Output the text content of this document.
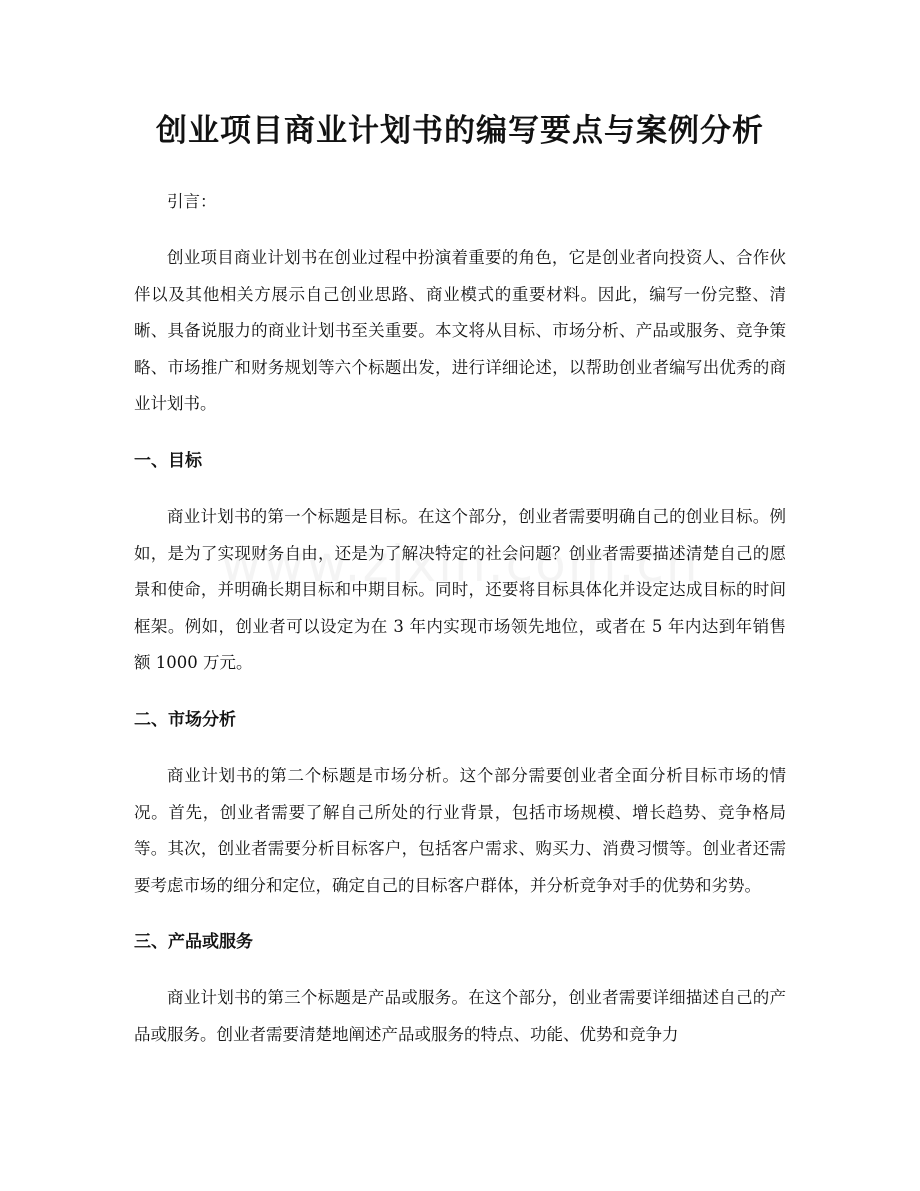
创业项目商业计划书的编写要点与案例分析

引言：

创业项目商业计划书在创业过程中扮演着重要的角色，它是创业者向投资人、合作伙伴以及其他相关方展示自己创业思路、商业模式的重要材料。因此，编写一份完整、清晰、具备说服力的商业计划书至关重要。本文将从目标、市场分析、产品或服务、竞争策略、市场推广和财务规划等六个标题出发，进行详细论述，以帮助创业者编写出优秀的商业计划书。

一、目标

商业计划书的第一个标题是目标。在这个部分，创业者需要明确自己的创业目标。例如，是为了实现财务自由，还是为了解决特定的社会问题？创业者需要描述清楚自己的愿景和使命，并明确长期目标和中期目标。同时，还要将目标具体化并设定达成目标的时间框架。例如，创业者可以设定为在 3 年内实现市场领先地位，或者在 5 年内达到年销售额 1000 万元。

二、市场分析

商业计划书的第二个标题是市场分析。这个部分需要创业者全面分析目标市场的情况。首先，创业者需要了解自己所处的行业背景，包括市场规模、增长趋势、竞争格局等。其次，创业者需要分析目标客户，包括客户需求、购买力、消费习惯等。创业者还需要考虑市场的细分和定位，确定自己的目标客户群体，并分析竞争对手的优势和劣势。

三、产品或服务

商业计划书的第三个标题是产品或服务。在这个部分，创业者需要详细描述自己的产品或服务。创业者需要清楚地阐述产品或服务的特点、功能、优势和竞争力
